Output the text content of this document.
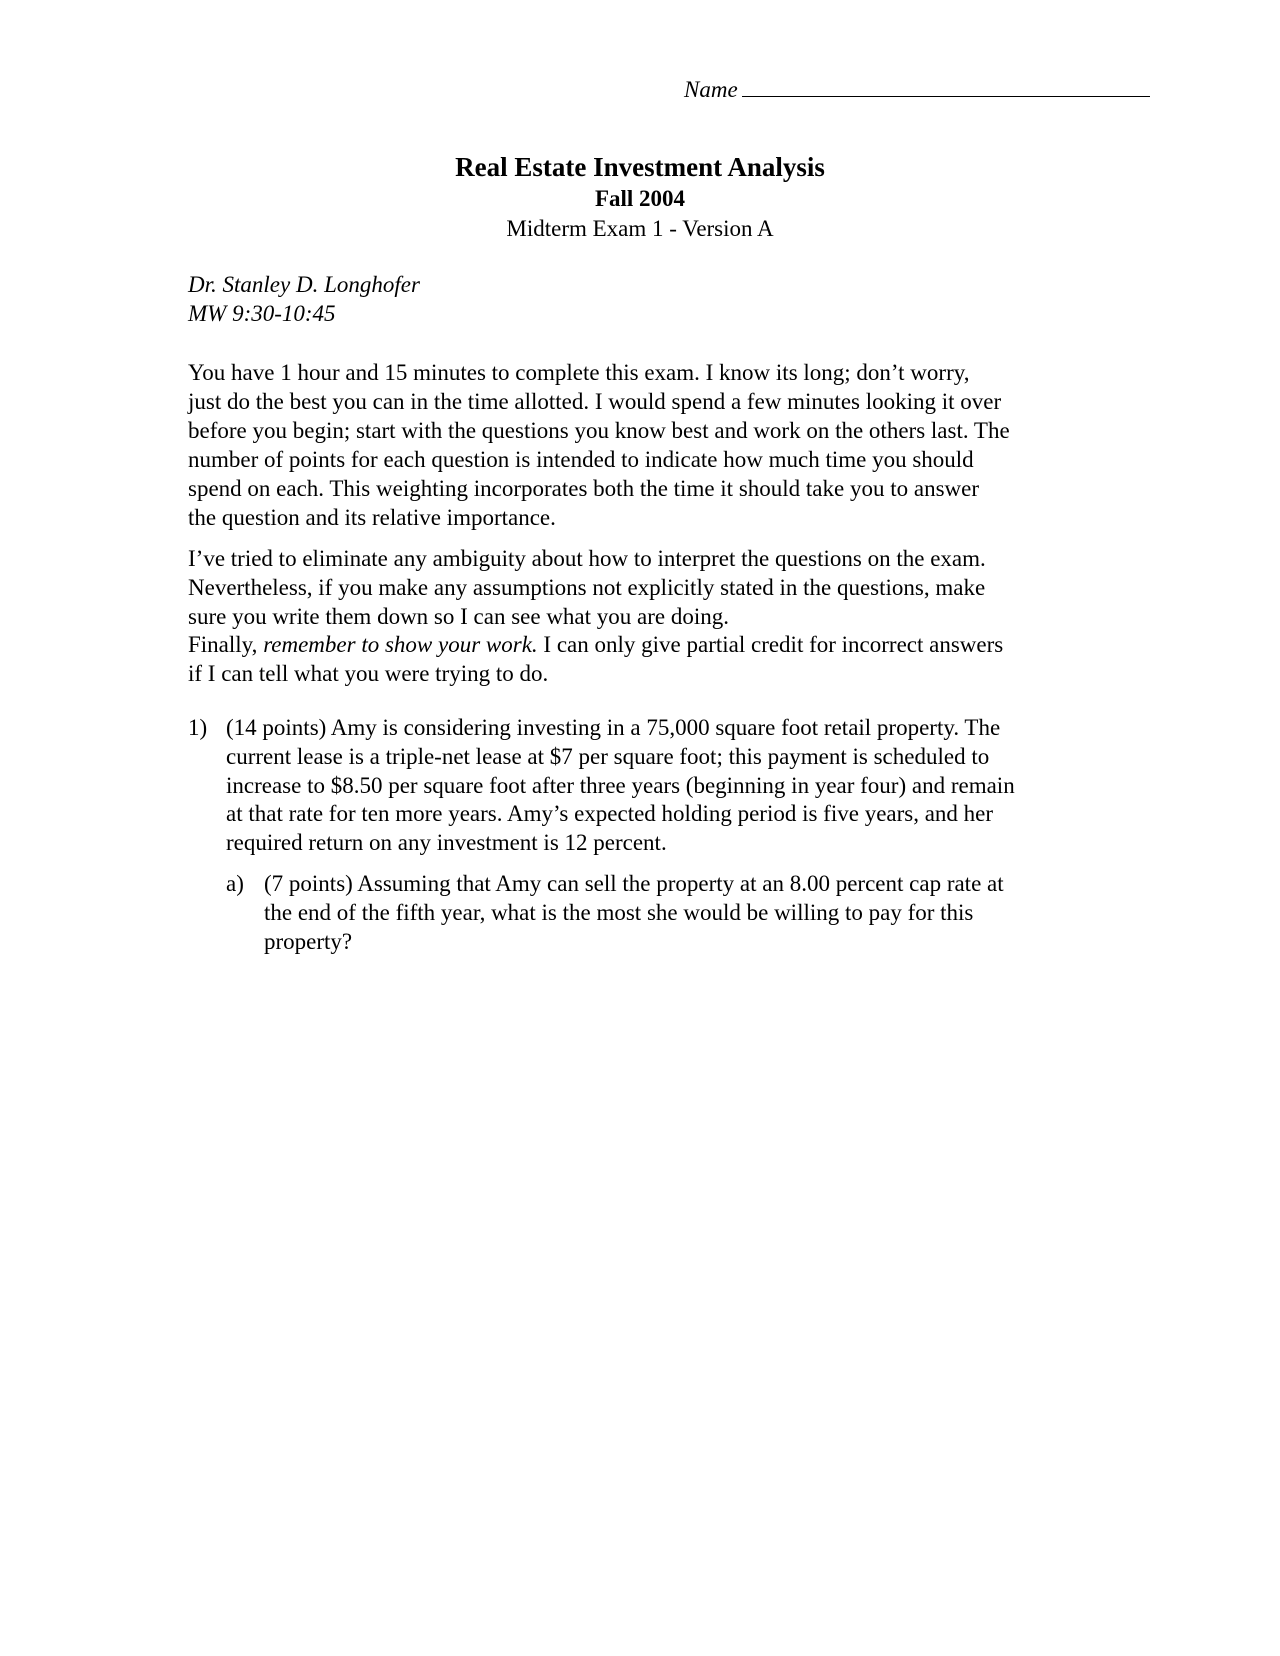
Name
Real Estate Investment Analysis
Fall 2004
Midterm Exam 1 - Version A
Dr. Stanley D. Longhofer
MW 9:30-10:45
You have 1 hour and 15 minutes to complete this exam. I know its long; don’t worry,
just do the best you can in the time allotted. I would spend a few minutes looking it over
before you begin; start with the questions you know best and work on the others last. The
number of points for each question is intended to indicate how much time you should
spend on each. This weighting incorporates both the time it should take you to answer
the question and its relative importance.
I’ve tried to eliminate any ambiguity about how to interpret the questions on the exam.
Nevertheless, if you make any assumptions not explicitly stated in the questions, make
sure you write them down so I can see what you are doing.
Finally, remember to show your work. I can only give partial credit for incorrect answers
if I can tell what you were trying to do.
1) (14 points) Amy is considering investing in a 75,000 square foot retail property. The
current lease is a triple-net lease at $7 per square foot; this payment is scheduled to
increase to $8.50 per square foot after three years (beginning in year four) and remain
at that rate for ten more years. Amy’s expected holding period is five years, and her
required return on any investment is 12 percent.
a) (7 points) Assuming that Amy can sell the property at an 8.00 percent cap rate at
the end of the fifth year, what is the most she would be willing to pay for this
property?
